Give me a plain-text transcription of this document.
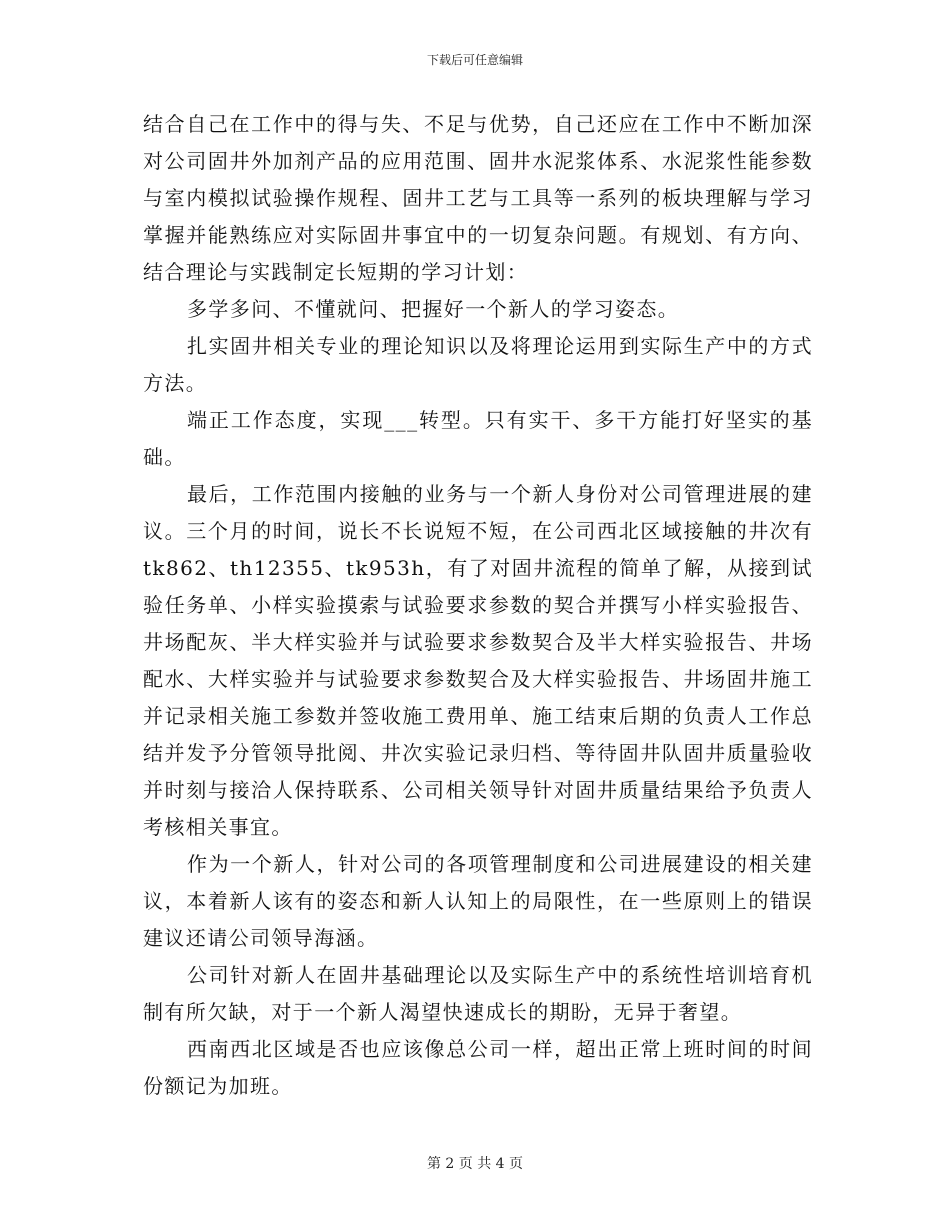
下载后可任意编辑

结合自己在工作中的得与失、不足与优势，自己还应在工作中不断加深对公司固井外加剂产品的应用范围、固井水泥浆体系、水泥浆性能参数与室内模拟试验操作规程、固井工艺与工具等一系列的板块理解与学习掌握并能熟练应对实际固井事宜中的一切复杂问题。有规划、有方向、结合理论与实践制定长短期的学习计划：

多学多问、不懂就问、把握好一个新人的学习姿态。

扎实固井相关专业的理论知识以及将理论运用到实际生产中的方式方法。

端正工作态度，实现___转型。只有实干、多干方能打好坚实的基础。

最后，工作范围内接触的业务与一个新人身份对公司管理进展的建议。三个月的时间，说长不长说短不短，在公司西北区域接触的井次有tk862、th12355、tk953h，有了对固井流程的简单了解，从接到试验任务单、小样实验摸索与试验要求参数的契合并撰写小样实验报告、井场配灰、半大样实验并与试验要求参数契合及半大样实验报告、井场配水、大样实验并与试验要求参数契合及大样实验报告、井场固井施工并记录相关施工参数并签收施工费用单、施工结束后期的负责人工作总结并发予分管领导批阅、井次实验记录归档、等待固井队固井质量验收并时刻与接洽人保持联系、公司相关领导针对固井质量结果给予负责人考核相关事宜。

作为一个新人，针对公司的各项管理制度和公司进展建设的相关建议，本着新人该有的姿态和新人认知上的局限性，在一些原则上的错误建议还请公司领导海涵。

公司针对新人在固井基础理论以及实际生产中的系统性培训培育机制有所欠缺，对于一个新人渴望快速成长的期盼，无异于奢望。

西南西北区域是否也应该像总公司一样，超出正常上班时间的时间份额记为加班。

第 2 页 共 4 页
